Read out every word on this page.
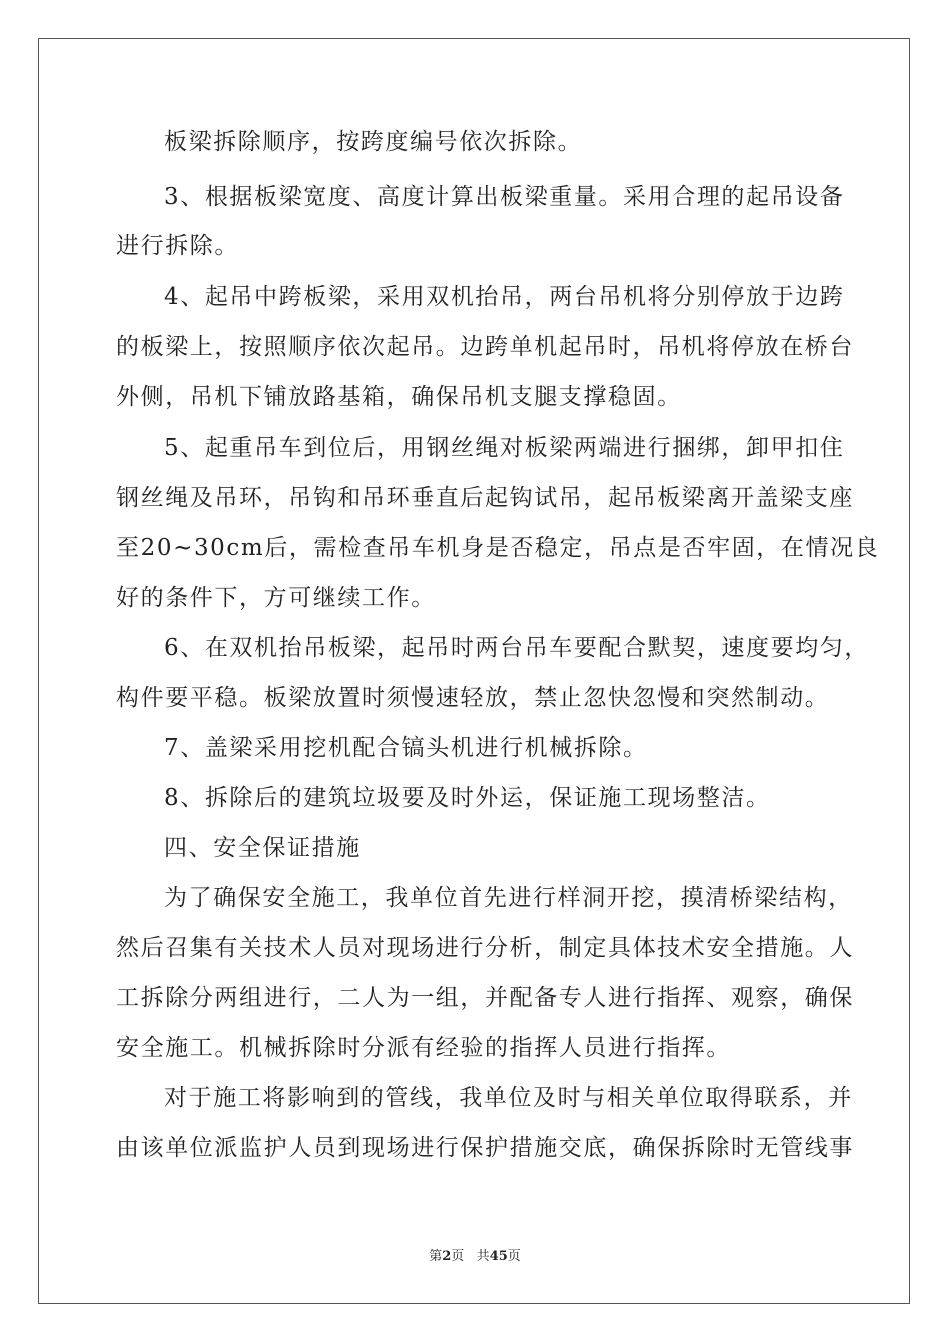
板梁拆除顺序，按跨度编号依次拆除。
3、根据板梁宽度、高度计算出板梁重量。采用合理的起吊设备
进行拆除。
4、起吊中跨板梁，采用双机抬吊，两台吊机将分别停放于边跨
的板梁上，按照顺序依次起吊。边跨单机起吊时，吊机将停放在桥台
外侧，吊机下铺放路基箱，确保吊机支腿支撑稳固。
5、起重吊车到位后，用钢丝绳对板梁两端进行捆绑，卸甲扣住
钢丝绳及吊环，吊钩和吊环垂直后起钩试吊，起吊板梁离开盖梁支座
至20~30cm后，需检查吊车机身是否稳定，吊点是否牢固，在情况良
好的条件下，方可继续工作。
6、在双机抬吊板梁，起吊时两台吊车要配合默契，速度要均匀，
构件要平稳。板梁放置时须慢速轻放，禁止忽快忽慢和突然制动。
7、盖梁采用挖机配合镐头机进行机械拆除。
8、拆除后的建筑垃圾要及时外运，保证施工现场整洁。
四、安全保证措施
为了确保安全施工，我单位首先进行样洞开挖，摸清桥梁结构，
然后召集有关技术人员对现场进行分析，制定具体技术安全措施。人
工拆除分两组进行，二人为一组，并配备专人进行指挥、观察，确保
安全施工。机械拆除时分派有经验的指挥人员进行指挥。
对于施工将影响到的管线，我单位及时与相关单位取得联系，并
由该单位派监护人员到现场进行保护措施交底，确保拆除时无管线事
第2页 共45页
